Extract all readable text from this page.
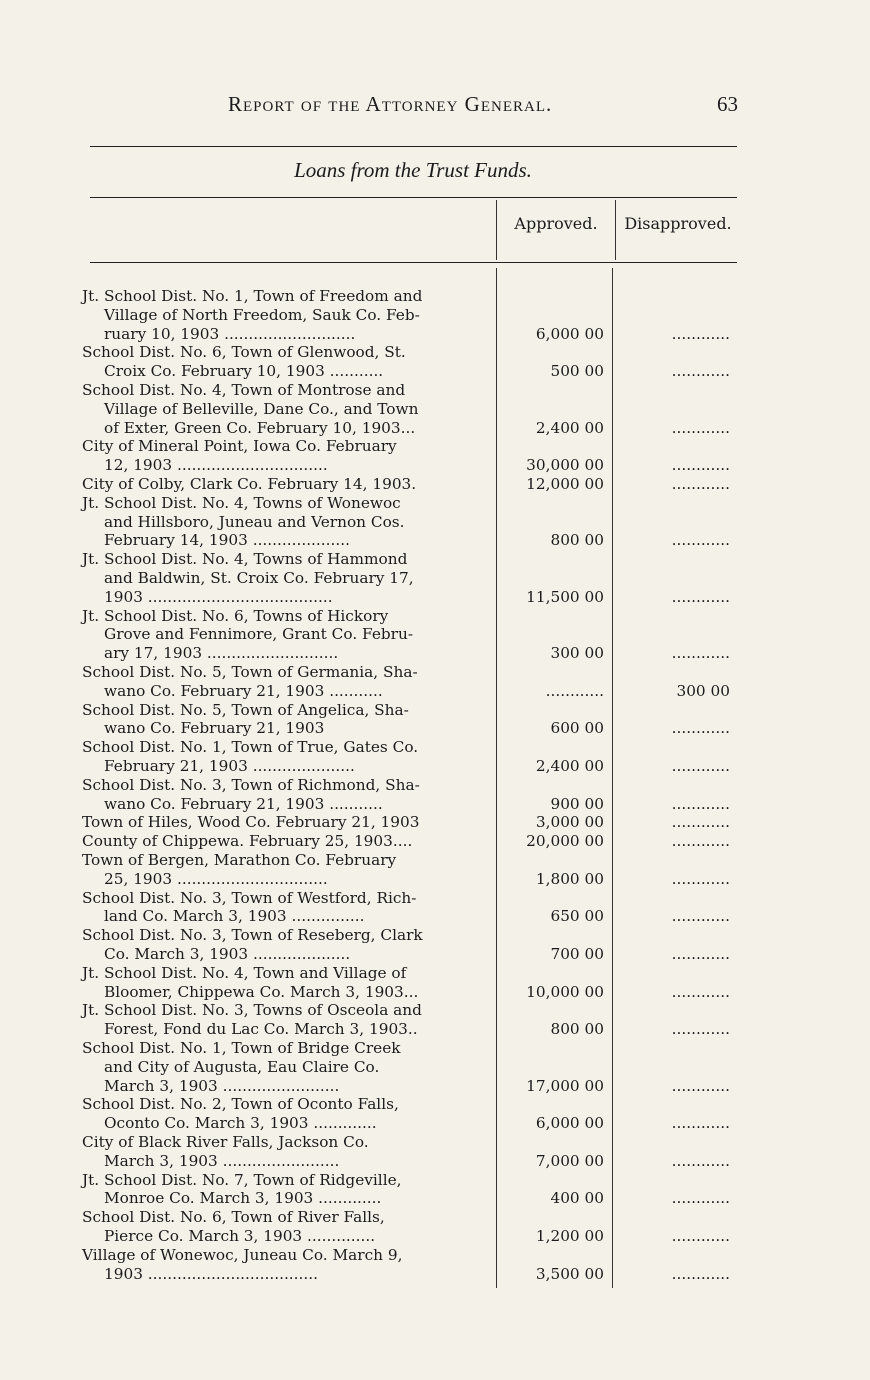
Report of the Attorney General.	63
Loans from the Trust Funds.
Approved.	Disapproved.
Jt. School Dist. No. 1, Town of Freedom and
Village of North Freedom, Sauk Co. Feb-
ruary 10, 1903 ...........................	6,000 00	............
School Dist. No. 6, Town of Glenwood, St.
Croix Co. February 10, 1903 ...........	500 00	............
School Dist. No. 4, Town of Montrose and
Village of Belleville, Dane Co., and Town
of Exter, Green Co. February 10, 1903...	2,400 00	............
City of Mineral Point, Iowa Co. February
12, 1903 ...............................	30,000 00	............
City of Colby, Clark Co. February 14, 1903.	12,000 00	............
Jt. School Dist. No. 4, Towns of Wonewoc
and Hillsboro, Juneau and Vernon Cos.
February 14, 1903 ....................	800 00	............
Jt. School Dist. No. 4, Towns of Hammond
and Baldwin, St. Croix Co. February 17,
1903 ......................................	11,500 00	............
Jt. School Dist. No. 6, Towns of Hickory
Grove and Fennimore, Grant Co. Febru-
ary 17, 1903 ...........................	300 00	............
School Dist. No. 5, Town of Germania, Sha-
wano Co. February 21, 1903 ...........	............	300 00
School Dist. No. 5, Town of Angelica, Sha-
wano Co. February 21, 1903	600 00	............
School Dist. No. 1, Town of True, Gates Co.
February 21, 1903 .....................	2,400 00	............
School Dist. No. 3, Town of Richmond, Sha-
wano Co. February 21, 1903 ...........	900 00	............
Town of Hiles, Wood Co. February 21, 1903	3,000 00	............
County of Chippewa. February 25, 1903....	20,000 00	............
Town of Bergen, Marathon Co. February
25, 1903 ...............................	1,800 00	............
School Dist. No. 3, Town of Westford, Rich-
land Co. March 3, 1903 ...............	650 00	............
School Dist. No. 3, Town of Reseberg, Clark
Co. March 3, 1903 ....................	700 00	............
Jt. School Dist. No. 4, Town and Village of
Bloomer, Chippewa Co. March 3, 1903...	10,000 00	............
Jt. School Dist. No. 3, Towns of Osceola and
Forest, Fond du Lac Co. March 3, 1903..	800 00	............
School Dist. No. 1, Town of Bridge Creek
and City of Augusta, Eau Claire Co.
March 3, 1903 ........................	17,000 00	............
School Dist. No. 2, Town of Oconto Falls,
Oconto Co. March 3, 1903 .............	6,000 00	............
City of Black River Falls, Jackson Co.
March 3, 1903 ........................	7,000 00	............
Jt. School Dist. No. 7, Town of Ridgeville,
Monroe Co. March 3, 1903 .............	400 00	............
School Dist. No. 6, Town of River Falls,
Pierce Co. March 3, 1903 ..............	1,200 00	............
Village of Wonewoc, Juneau Co. March 9,
1903 ...................................	3,500 00	............
